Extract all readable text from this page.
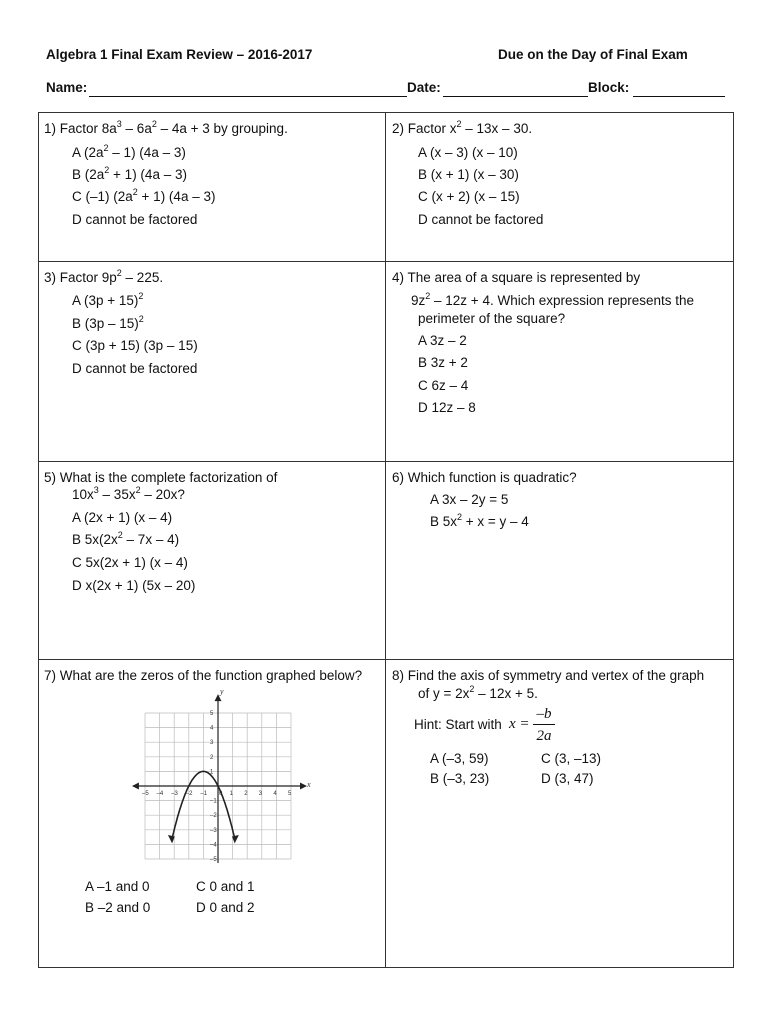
Algebra 1 Final Exam Review – 2016-2017	Due on the Day of Final Exam
Name:	Date:	Block:
1) Factor $8a^3 - 6a^2 - 4a + 3$ by grouping.
A $(2a^2 - 1)$ (4a – 3)
B $(2a^2 + 1)$ (4a – 3)
C (–1) $(2a^2 + 1)$ (4a – 3)
D cannot be factored
2) Factor $x^2 - 13x - 30$.
A (x – 3) (x – 10)
B (x + 1) (x – 30)
C (x + 2) (x – 15)
D cannot be factored
3) Factor $9p^2 - 225$.
A $(3p + 15)^2$
B (3p – 15)$^2$
C (3p + 15) (3p – 15)
D cannot be factored
4) The area of a square is represented by
$9z^2 - 12z + 4$. Which expression represents the
perimeter of the square?
A 3z – 2
B 3z + 2
C 6z – 4
D 12z – 8
5) What is the complete factorization of
$10x^3 - 35x^2 - 20x$?
A (2x + 1) (x – 4)
B $5x(2x^2 - 7x - 4)$
C 5x(2x + 1) (x – 4)
D x(2x + 1) (5x – 20)
6) Which function is quadratic?
A 3x – 2y = 5
B $5x^2 + x = y - 4$
7) What are the zeros of the function graphed below?
–5 –4 –3 –2 –1 0 1 2 3 4 5
5
4
3
2
1
–1
–2
–3
–4
–5
x
y
A –1 and 0	C 0 and 1
B –2 and 0	D 0 and 2
8) Find the axis of symmetry and vertex of the graph
of $y = 2x^2 - 12x + 5$.
Hint: Start with x =
–b
2a
A (–3, 59)	C (3, –13)
B (–3, 23)	D (3, 47)
